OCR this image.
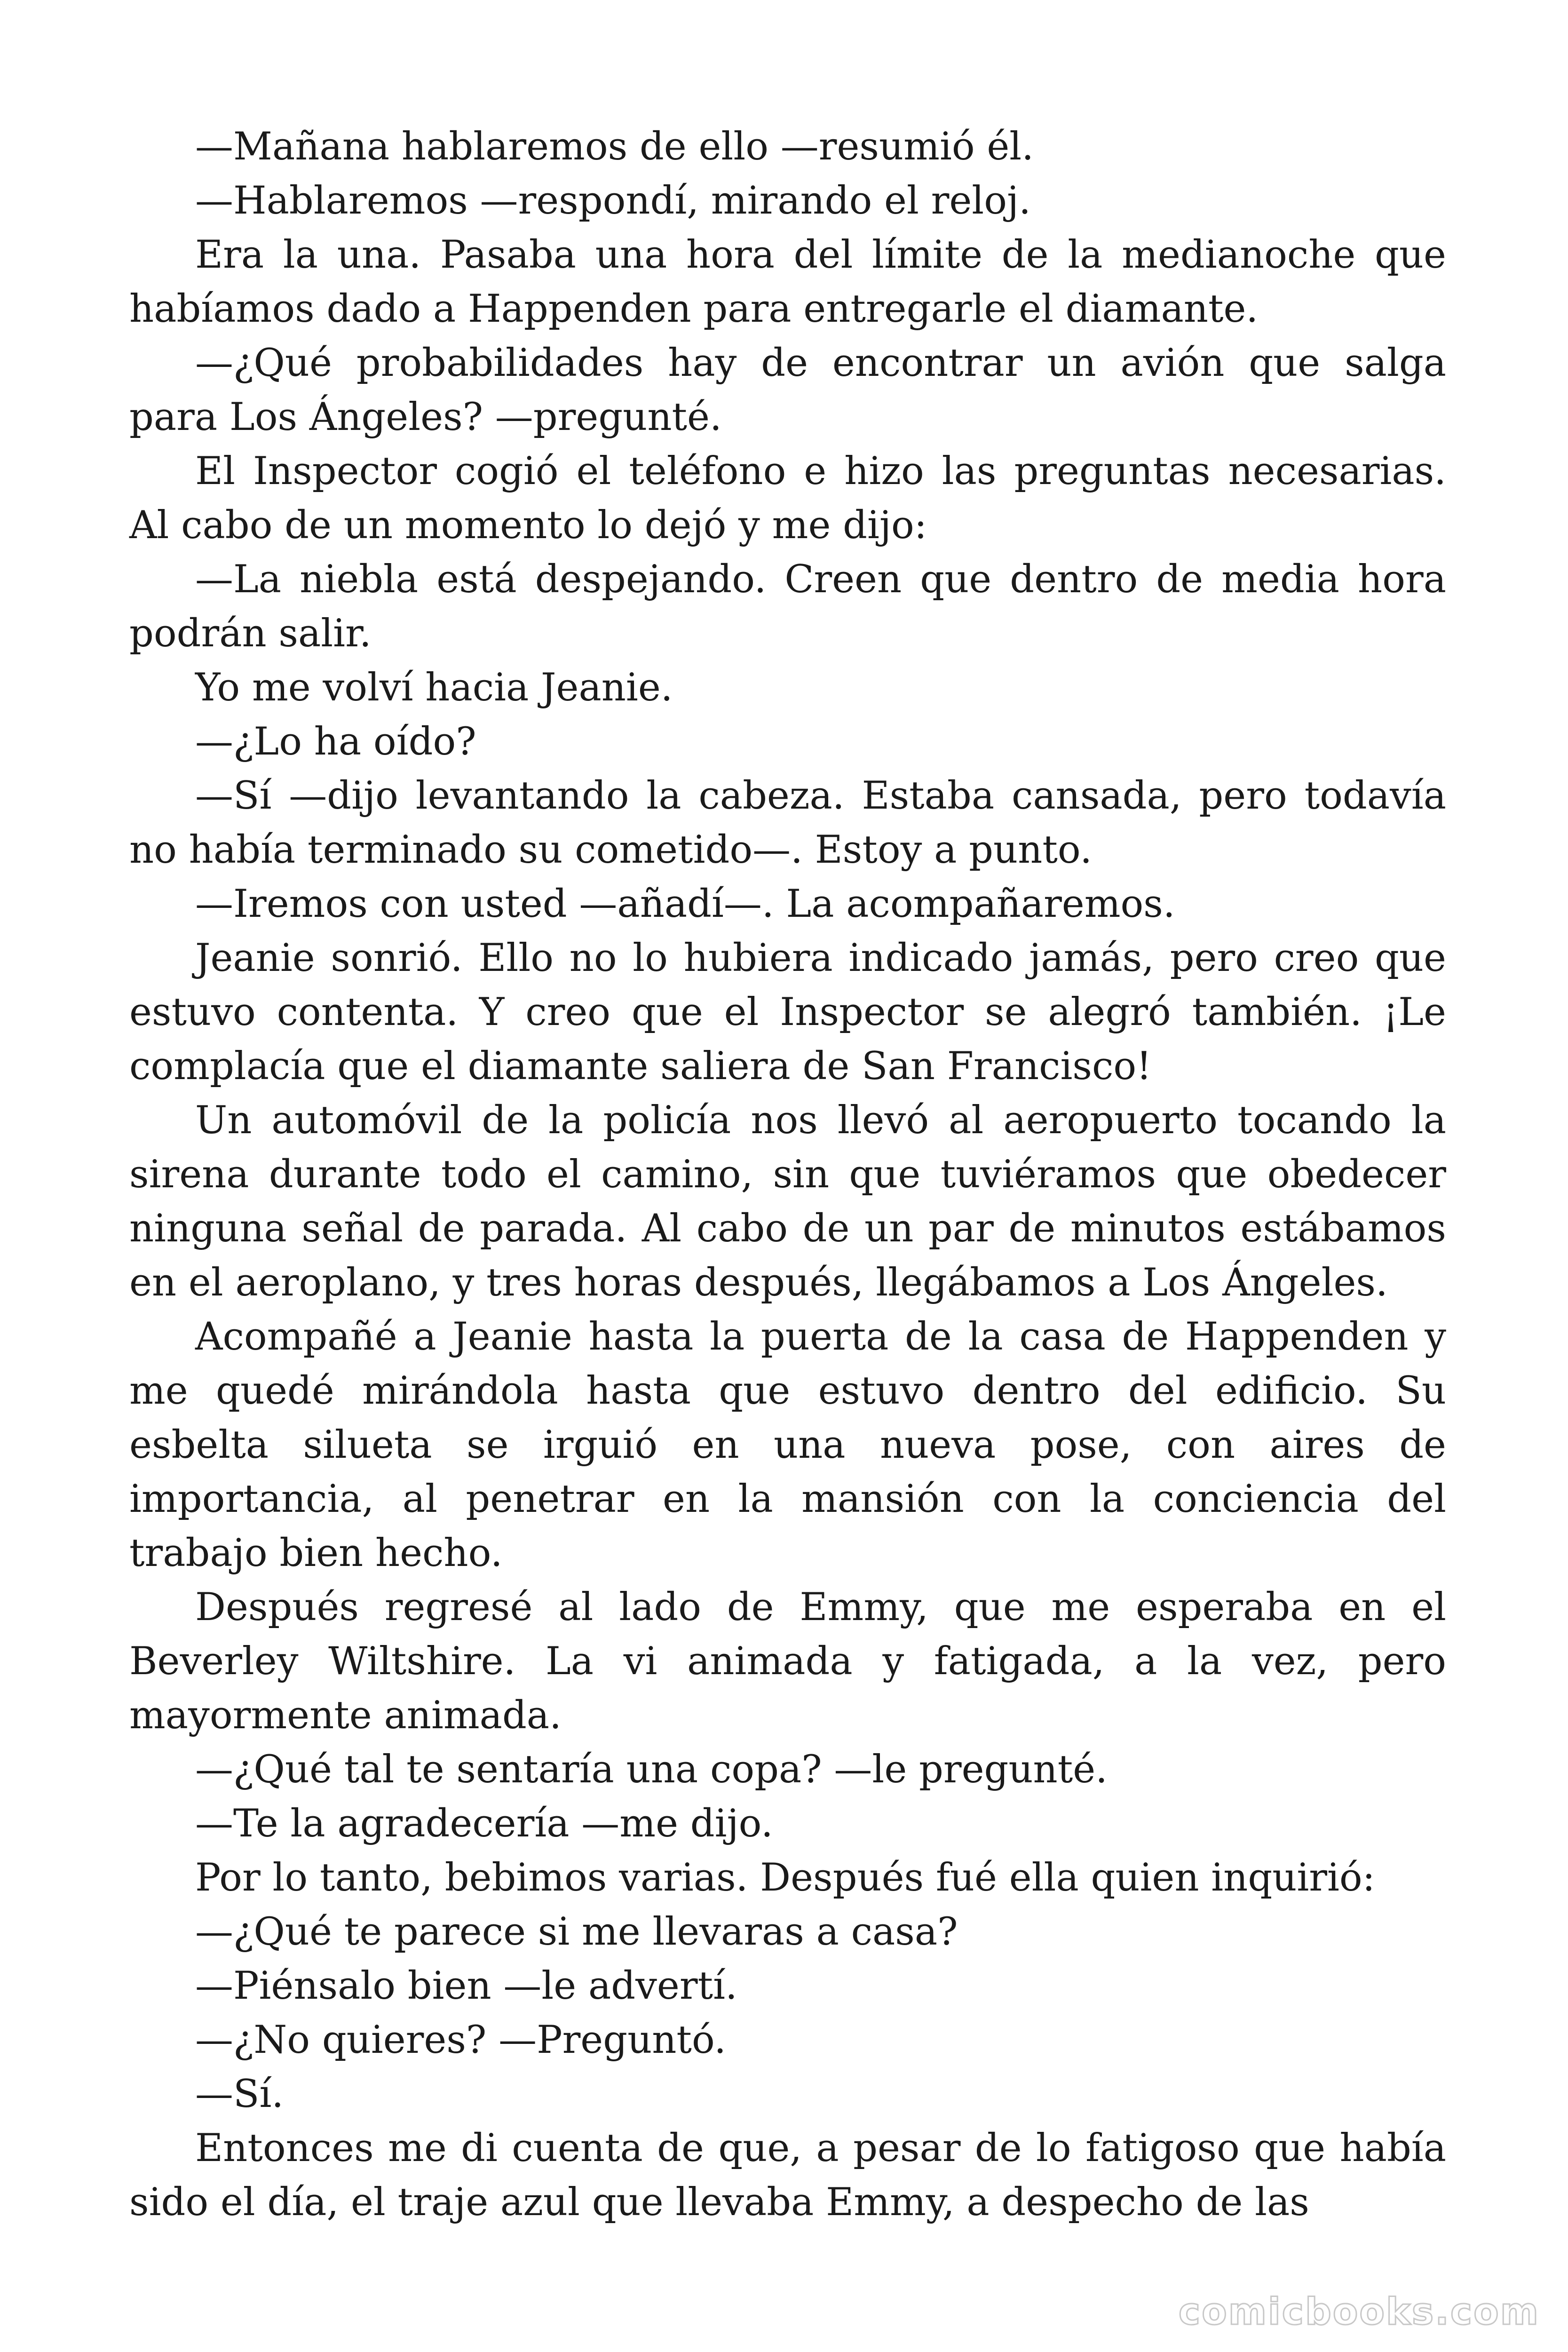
—Mañana hablaremos de ello —resumió él.

—Hablaremos —respondí, mirando el reloj.

Era la una. Pasaba una hora del límite de la medianoche que habíamos dado a Happenden para entregarle el diamante.

—¿Qué probabilidades hay de encontrar un avión que salga para Los Ángeles? —pregunté.

El Inspector cogió el teléfono e hizo las preguntas necesarias. Al cabo de un momento lo dejó y me dijo:

—La niebla está despejando. Creen que dentro de media hora podrán salir.

Yo me volví hacia Jeanie.

—¿Lo ha oído?

—Sí —dijo levantando la cabeza. Estaba cansada, pero todavía no había terminado su cometido—. Estoy a punto.

—Iremos con usted —añadí—. La acompañaremos.

Jeanie sonrió. Ello no lo hubiera indicado jamás, pero creo que estuvo contenta. Y creo que el Inspector se alegró también. ¡Le complacía que el diamante saliera de San Francisco!

Un automóvil de la policía nos llevó al aeropuerto tocando la sirena durante todo el camino, sin que tuviéramos que obedecer ninguna señal de parada. Al cabo de un par de minutos estábamos en el aeroplano, y tres horas después, llegábamos a Los Ángeles.

Acompañé a Jeanie hasta la puerta de la casa de Happenden y me quedé mirándola hasta que estuvo dentro del edificio. Su esbelta silueta se irguió en una nueva pose, con aires de importancia, al penetrar en la mansión con la conciencia del trabajo bien hecho.

Después regresé al lado de Emmy, que me esperaba en el Beverley Wiltshire. La vi animada y fatigada, a la vez, pero mayormente animada.

—¿Qué tal te sentaría una copa? —le pregunté.

—Te la agradecería —me dijo.

Por lo tanto, bebimos varias. Después fué ella quien inquirió:

—¿Qué te parece si me llevaras a casa?

—Piénsalo bien —le advertí.

—¿No quieres? —Preguntó.

—Sí.

Entonces me di cuenta de que, a pesar de lo fatigoso que había sido el día, el traje azul que llevaba Emmy, a despecho de las

comicbooks.com
